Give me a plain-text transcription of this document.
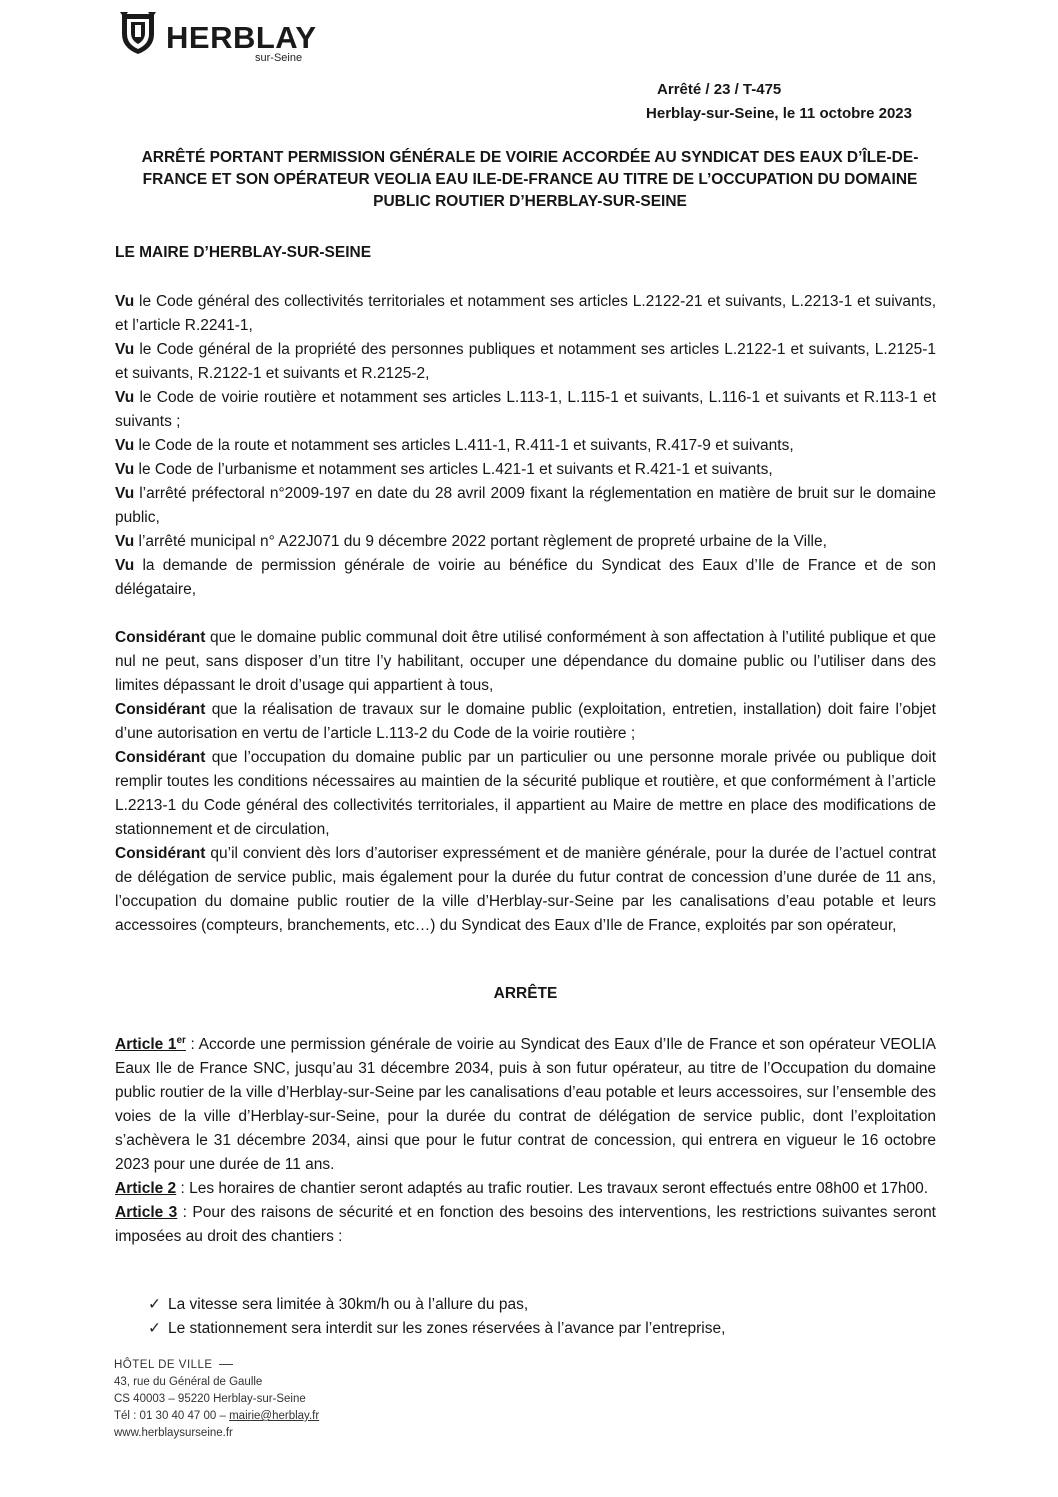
HERBLAY
sur-Seine
Arrêté / 23 / T-475
Herblay-sur-Seine, le 11 octobre 2023
ARRÊTÉ PORTANT PERMISSION GÉNÉRALE DE VOIRIE ACCORDÉE AU SYNDICAT DES EAUX D’ÎLE-DE-
FRANCE ET SON OPÉRATEUR VEOLIA EAU ILE-DE-FRANCE AU TITRE DE L’OCCUPATION DU DOMAINE
PUBLIC ROUTIER D’HERBLAY-SUR-SEINE
LE MAIRE D’HERBLAY-SUR-SEINE

Vu le Code général des collectivités territoriales et notamment ses articles L.2122-21 et suivants, L.2213-1 et suivants, et l’article R.2241-1,

Vu le Code général de la propriété des personnes publiques et notamment ses articles L.2122-1 et suivants, L.2125-1 et suivants, R.2122-1 et suivants et R.2125-2,

Vu le Code de voirie routière et notamment ses articles L.113-1, L.115-1 et suivants, L.116-1 et suivants et R.113-1 et suivants ;

Vu le Code de la route et notamment ses articles L.411-1, R.411-1 et suivants, R.417-9 et suivants,

Vu le Code de l’urbanisme et notamment ses articles L.421-1 et suivants et R.421-1 et suivants,

Vu l’arrêté préfectoral n°2009-197 en date du 28 avril 2009 fixant la réglementation en matière de bruit sur le domaine public,

Vu l’arrêté municipal n° A22J071 du 9 décembre 2022 portant règlement de propreté urbaine de la Ville,

Vu la demande de permission générale de voirie au bénéfice du Syndicat des Eaux d’Ile de France et de son délégataire,

Considérant que le domaine public communal doit être utilisé conformément à son affectation à l’utilité publique et que nul ne peut, sans disposer d’un titre l’y habilitant, occuper une dépendance du domaine public ou l’utiliser dans des limites dépassant le droit d’usage qui appartient à tous,

Considérant que la réalisation de travaux sur le domaine public (exploitation, entretien, installation) doit faire l’objet d’une autorisation en vertu de l’article L.113-2 du Code de la voirie routière ;

Considérant que l’occupation du domaine public par un particulier ou une personne morale privée ou publique doit remplir toutes les conditions nécessaires au maintien de la sécurité publique et routière, et que conformément à l’article L.2213-1 du Code général des collectivités territoriales, il appartient au Maire de mettre en place des modifications de stationnement et de circulation,

Considérant qu’il convient dès lors d’autoriser expressément et de manière générale, pour la durée de l’actuel contrat de délégation de service public, mais également pour la durée du futur contrat de concession d’une durée de 11 ans, l’occupation du domaine public routier de la ville d’Herblay-sur-Seine par les canalisations d’eau potable et leurs accessoires (compteurs, branchements, etc…) du Syndicat des Eaux d’Ile de France, exploités par son opérateur,

ARRÊTE

Article 1er : Accorde une permission générale de voirie au Syndicat des Eaux d’Ile de France et son opérateur VEOLIA Eaux Ile de France SNC, jusqu’au 31 décembre 2034, puis à son futur opérateur, au titre de l’Occupation du domaine public routier de la ville d’Herblay-sur-Seine par les canalisations d’eau potable et leurs accessoires, sur l’ensemble des voies de la ville d’Herblay-sur-Seine, pour la durée du contrat de délégation de service public, dont l’exploitation s’achèvera le 31 décembre 2034, ainsi que pour le futur contrat de concession, qui entrera en vigueur le 16 octobre 2023 pour une durée de 11 ans.

Article 2 : Les horaires de chantier seront adaptés au trafic routier. Les travaux seront effectués entre 08h00 et 17h00.

Article 3 : Pour des raisons de sécurité et en fonction des besoins des interventions, les restrictions suivantes seront imposées au droit des chantiers :

✓ La vitesse sera limitée à 30km/h ou à l’allure du pas,
✓ Le stationnement sera interdit sur les zones réservées à l’avance par l’entreprise,
HÔTEL DE VILLE
43, rue du Général de Gaulle
CS 40003 – 95220 Herblay-sur-Seine
Tél : 01 30 40 47 00 – mairie@herblay.fr
www.herblaysurseine.fr
